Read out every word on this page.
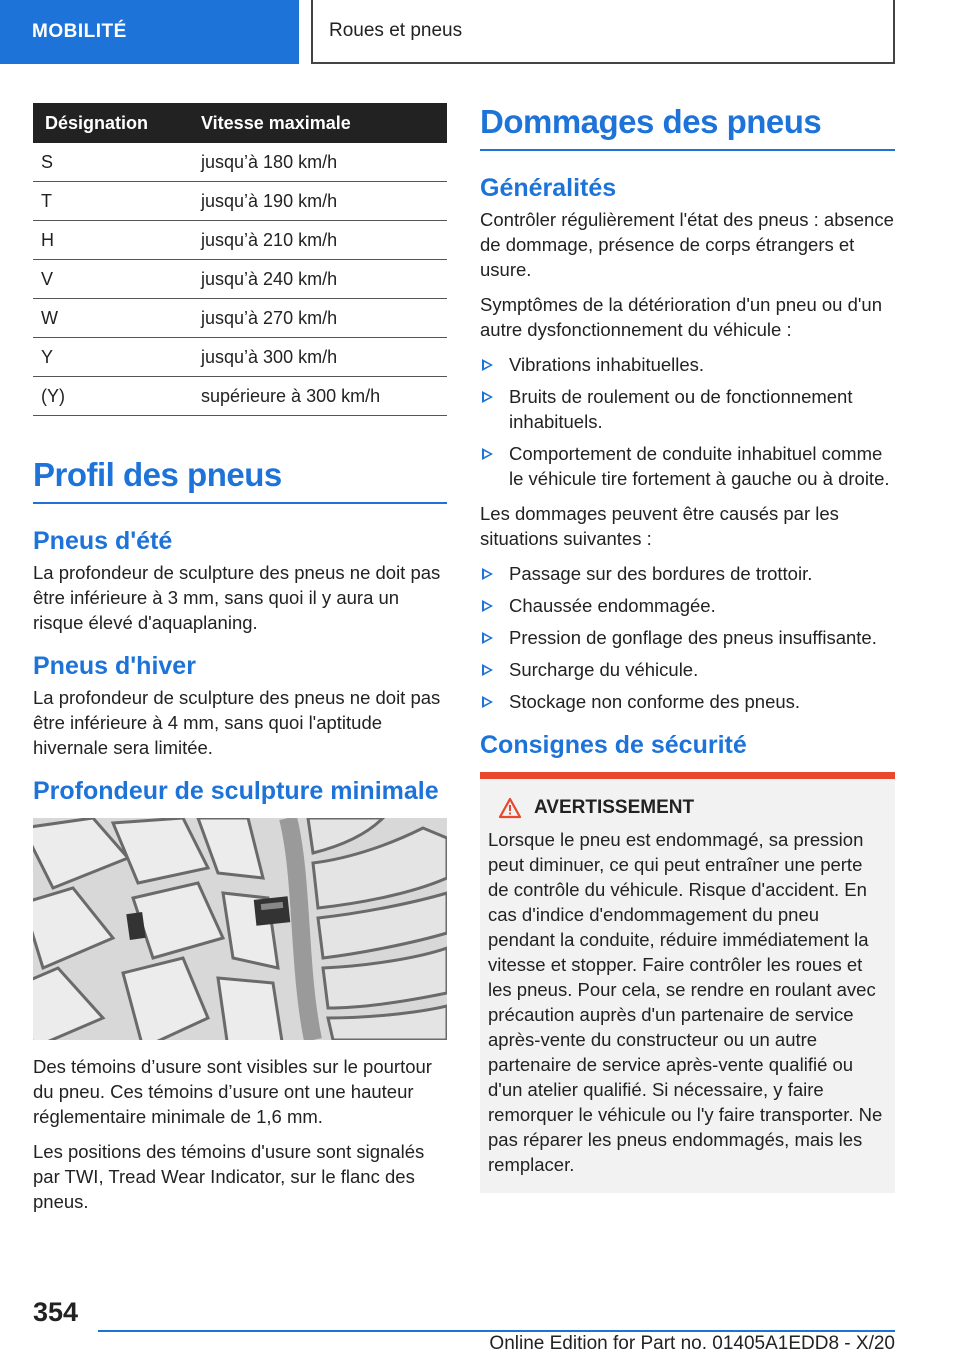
MOBILITÉ	Roues et pneus
Désignation	Vitesse maximale
S	jusqu’à 180 km/h
T	jusqu’à 190 km/h
H	jusqu’à 210 km/h
V	jusqu’à 240 km/h
W	jusqu’à 270 km/h
Y	jusqu’à 300 km/h
(Y)	supérieure à 300 km/h
Profil des pneus
Pneus d'été

La profondeur de sculpture des pneus ne doit pas être inférieure à 3 mm, sans quoi il y aura un risque élevé d'aquaplaning.

Pneus d'hiver

La profondeur de sculpture des pneus ne doit pas être inférieure à 4 mm, sans quoi l'aptitude hivernale sera limitée.

Profondeur de sculpture minimale

Des témoins d’usure sont visibles sur le pourtour du pneu. Ces témoins d’usure ont une hauteur réglementaire minimale de 1,6 mm.

Les positions des témoins d'usure sont signalés par TWI, Tread Wear Indicator, sur le flanc des pneus.

Dommages des pneus
Généralités

Contrôler régulièrement l'état des pneus : absence de dommage, présence de corps étrangers et usure.

Symptômes de la détérioration d'un pneu ou d'un autre dysfonctionnement du véhicule :

Vibrations inhabituelles.
Bruits de roulement ou de fonctionnement inhabituels.
Comportement de conduite inhabituel comme le véhicule tire fortement à gauche ou à droite.

Les dommages peuvent être causés par les situations suivantes :

Passage sur des bordures de trottoir.
Chaussée endommagée.
Pression de gonflage des pneus insuffisante.
Surcharge du véhicule.
Stockage non conforme des pneus.
Consignes de sécurité
AVERTISSEMENT

Lorsque le pneu est endommagé, sa pression peut diminuer, ce qui peut entraîner une perte de contrôle du véhicule. Risque d'accident. En cas d'indice d'endommagement du pneu pendant la conduite, réduire immédiatement la vitesse et stopper. Faire contrôler les roues et les pneus. Pour cela, se rendre en roulant avec précaution auprès d'un partenaire de service après-vente du constructeur ou un autre partenaire de service après-vente qualifié ou d'un atelier qualifié. Si nécessaire, y faire remorquer le véhicule ou l'y faire transporter. Ne pas réparer les pneus endommagés, mais les remplacer.

354
Online Edition for Part no. 01405A1EDD8 - X/20
